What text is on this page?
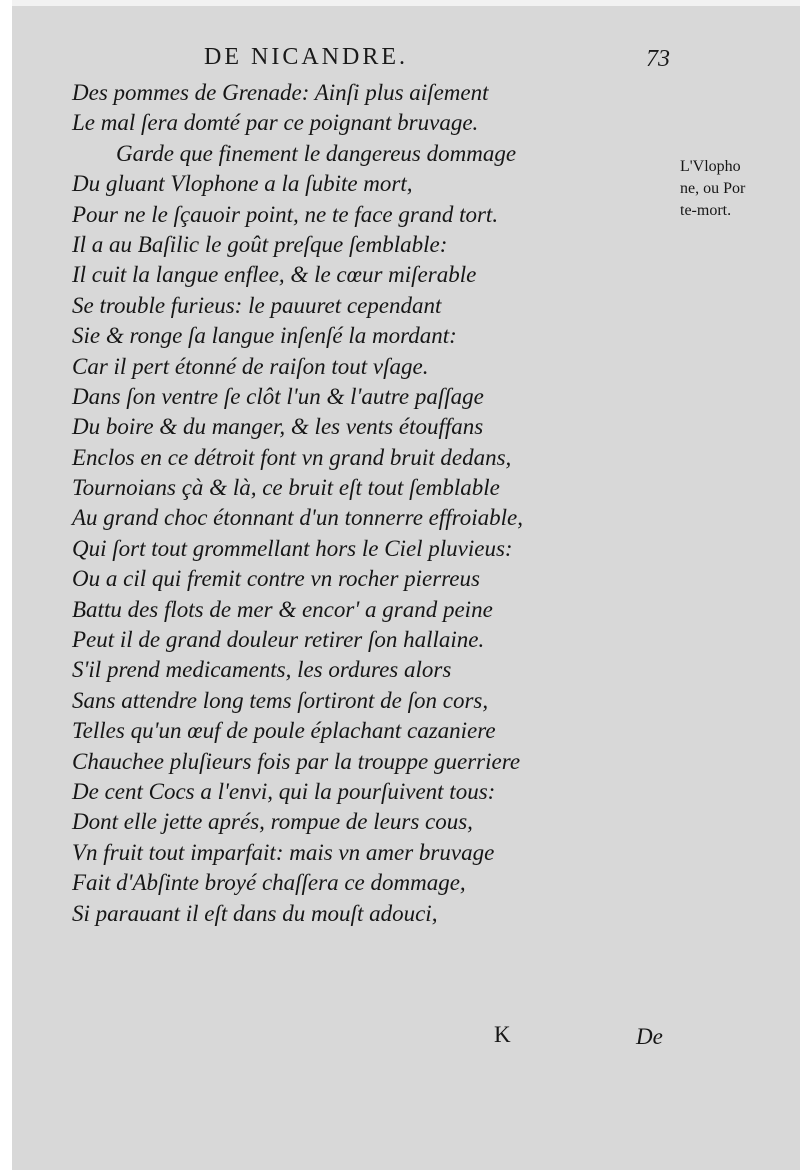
DE NICANDRE.	73
Des pommes de Grenade: Ainſi plus aiſement
Le mal ſera domté par ce poignant bruvage.
Garde que finement le dangereus dommage
Du gluant Vlophone a la ſubite mort,
Pour ne le ſçauoir point, ne te face grand tort.
Il a au Baſilic le goût preſque ſemblable:
Il cuit la langue enflee, & le cœur miſerable
Se trouble furieus: le pauuret cependant
Sie & ronge ſa langue inſenſé la mordant:
Car il pert étonné de raiſon tout vſage.
Dans ſon ventre ſe clôt l'un & l'autre paſſage
Du boire & du manger, & les vents étouffans
Enclos en ce détroit font vn grand bruit dedans,
Tournoians çà & là, ce bruit eſt tout ſemblable
Au grand choc étonnant d'un tonnerre effroiable,
Qui ſort tout grommellant hors le Ciel pluvieus:
Ou a cil qui fremit contre vn rocher pierreus
Battu des flots de mer & encor' a grand peine
Peut il de grand douleur retirer ſon hallaine.
S'il prend medicaments, les ordures alors
Sans attendre long tems ſortiront de ſon cors,
Telles qu'un œuf de poule éplachant cazaniere
Chauchee pluſieurs fois par la trouppe guerriere
De cent Cocs a l'envi, qui la pourſuivent tous:
Dont elle jette aprés, rompue de leurs cous,
Vn fruit tout imparfait: mais vn amer bruvage
Fait d'Abſinte broyé chaſſera ce dommage,
Si parauant il eſt dans du mouſt adouci,
L'Vlopho
ne, ou Por
te-mort.
K	De
